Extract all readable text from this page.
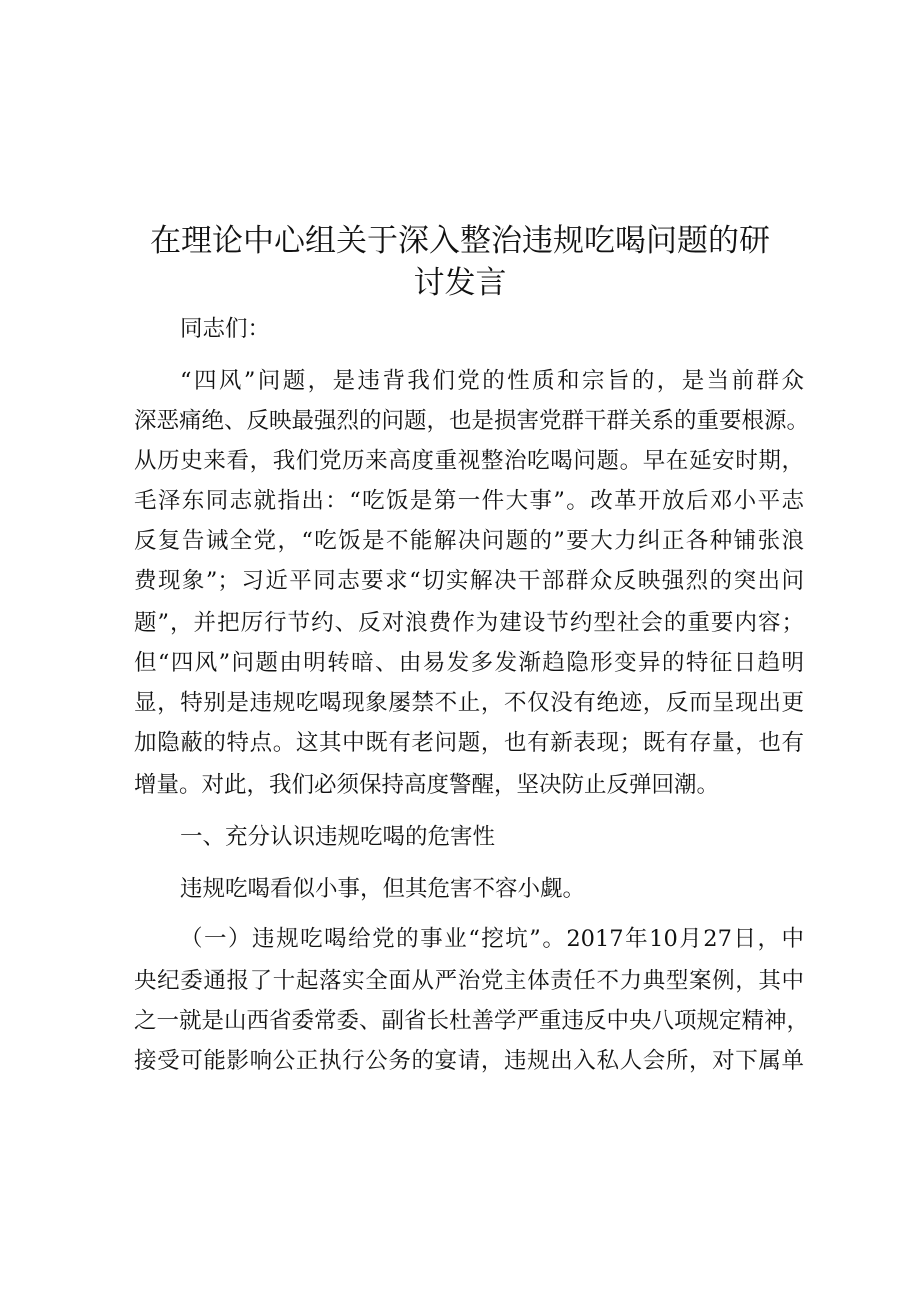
在理论中心组关于深入整治违规吃喝问题的研
讨发言
同志们：
“四风”问题，是违背我们党的性质和宗旨的，是当前群众
深恶痛绝、反映最强烈的问题，也是损害党群干群关系的重要根源。
从历史来看，我们党历来高度重视整治吃喝问题。早在延安时期，
毛泽东同志就指出：“吃饭是第一件大事”。改革开放后邓小平志
反复告诫全党，“吃饭是不能解决问题的”要大力纠正各种铺张浪
费现象”；习近平同志要求“切实解决干部群众反映强烈的突出问
题”，并把厉行节约、反对浪费作为建设节约型社会的重要内容；
但“四风”问题由明转暗、由易发多发渐趋隐形变异的特征日趋明
显，特别是违规吃喝现象屡禁不止，不仅没有绝迹，反而呈现出更
加隐蔽的特点。这其中既有老问题，也有新表现；既有存量，也有
增量。对此，我们必须保持高度警醒，坚决防止反弹回潮。
一、充分认识违规吃喝的危害性
违规吃喝看似小事，但其危害不容小觑。
（一）违规吃喝给党的事业“挖坑”。2017年10月27日，中
央纪委通报了十起落实全面从严治党主体责任不力典型案例，其中
之一就是山西省委常委、副省长杜善学严重违反中央八项规定精神，
接受可能影响公正执行公务的宴请，违规出入私人会所，对下属单
